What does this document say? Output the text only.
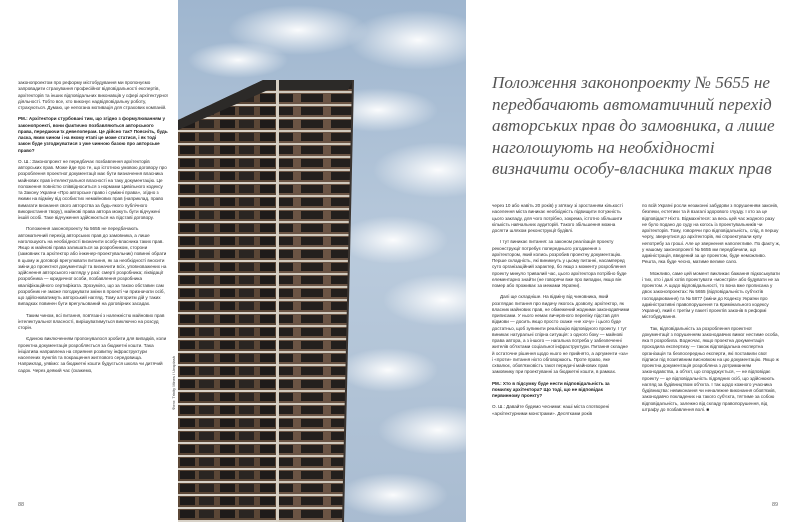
законопроектом про реформу містобудування ми пропонуємо запровадити страхування професійної відповідальності експертів, архітекторів та інших відповідальних виконавців у сфері архітектурної діяльності. Тобто все, хто виконує надвідповідальну роботу, страхуються. Думаю, це непогана мотивація для страхових компаній.

РМ.: Архітектори стурбовані тим, що згідно з формулюванням у законопроекті, вони фактично позбавляються авторського права, передаючи їх девелоперам. Це дійсно так? Поясніть, будь ласка, яким чином і на якому етапі це може статися, і як тоді закон буде узгоджуватися з уже чинною базою про авторське право?

О. Ш.: Законопроект не передбачає позбавлення архітекторів авторських прав. Може йде про те, що істотною умовою договору про розроблення проектної документації має бути визначення власника майнових прав інтелектуальної власності на таку документацію. Це положення повністю співвідноситься з нормами Цивільного кодексу та Закону України «Про авторське право і суміжні права», згідно з якими на відміну від особистих немайнових прав (наприклад, право вимагати визнання свого авторства за будь-якого публічного використання твору), майнові права автора можуть бути відчужені іншій особі. Таке відчуження здійснюється на підставі договору.

Положення законопроекту № 5655 не передбачають автоматичний перехід авторських прав до замовника, а лише наголошують на необхідності визначити особу-власника таких прав. Якщо ж майнові права залишаться за розробником, сторони (замовник та архітектор або інженер-проектувальник) повинні обрати в цьому ж договорі врегулювати питання, як за необхідності вносити зміни до проектної документації та визначити всіх, уповноважених на здійснення авторського нагляду у разі: смерті розробника; ліквідації розробника — юридичної особи, позбавлення розробника кваліфікаційного сертифіката. Зрозуміло, що за такою обставин сам розробник не зможе погоджувати зміни в проекті чи призначати осіб, що здійснюватимуть авторський нагляд. Тому алгоритм дій у таких випадках повинен бути врегульований на договірних засадах.

Таким чином, всі питання, пов'язані з належністю майнових прав інтелектуальної власності, вирішуватимуться виключно на розсуд сторін.

Єдиною виключенням пропонувалося зробити для випадків, коли проектна документація розробляється за бюджетні кошти. Така ініціатива направлена на сприяння розвитку інфраструктури населених пунктів та покращення житлового середовища. Наприклад, уявімо: за бюджетні кошти будується школа чи дитячий садок. Через деякий час (скажемо,

88
Фото: Trinity Mines / Unsplash
Положення законопроекту № 5655 не передбачають автоматичний перехід авторських прав до замовника, а лише наголошують на необхідності визначити особу-власника таких прав

через 10 або навіть 20 років) у зв'язку зі зростанням кількості населення міста виникає необхідність підвищити потужність цього закладу, для чого потрібно, зокрема, істотно збільшити кількість навчальних аудиторій. Такого збільшення можна досягти шляхом реконструкції будівлі.

І тут виникає питання: за законом реалізація проекту реконструкції потребує попереднього узгодження з архітектором, який колись розробив проектну документацію. Перше складність, які виникнуть у цьому питанні, насамперед суто організаційний характер, бо якщо з моменту розроблення проекту минуло тривалий час, цього архітектора потрібно буде елементарно знайти (не говорячи вже про випадки, якщо він помер або проживає за межами України).

Далі ще складніше. На відміну від чиновника, який розглядає питання про видачу якогось дозволу, архітектор, як власник майнових прав, не обмежений жодними законодавчими приписами. У нього немає вичерпного переліку підстав для відмови — досить якщо просто скаже «не хочу» і цього буде достатньо, щоб зупинити реалізацію відповідного проекту. І тут виникає натуральні спірна ситуація: з одного боку — майнові права автора, а з іншого — нагальна потреба у забезпеченні жителів об'єктами соціальної інфраструктури. Питання складне й остаточне рішення щодо нього не прийнято, а аргументи «за» і «проти» питання ніхто обговорюють. Проте право, яке схвалює, обов'язковість такої передачі майнових прав замовнику при проектуванні за бюджетні кошти, в рамках.

РМ.: Хто в підсумку буде нести відповідальність за помилку архітектора? Що тоді, що не відповідає первинному проекту?

О. Ш.: Давайте будемо чесними: наші міста спотворені «архітектурними монстрами». Десятками років

по всій Україні росли незаконні забудови з порушенням законів, безпеки, естетики та й взагалі здорового глузду. І хто за це відповідає? Ніхто. Відмахнітеся: за весь цей час жодного разу не було подано до суду на когось із проектувальників чи архітекторів. Тому, говорячи про відповідальність, слід, в першу чергу, звернутися до архітекторів, які спроектували купу непотребу за гроші. Але це звернення наполегливе. По факту ж, у нашому законопроекті № 5655 ми передбачили, що адміністрація, введений за це проектом, буде неможливо. Решта, яка буде чесно, матиме велике сало.

Можливо, саме цей момент викликає бажання підкоськувати і тих, хто і далі хотів проектувати «монстрів» або будувати не за проектом. А щодо відповідальності, то вона вже прописана у двох законопроектах: № 5655 (відповідальність суб'єктів господарювання) та № 5877 (зміни до Кодексу України про адміністративні правопорушення та Кримінального кодексу України), який є третім у пакеті проектів законів в реформі містобудування.

Так, відповідальність за розроблення проектної документації з порушенням законодавчих вимог нестиме особа, яка її розробила. Водночас, якщо проектна документація проходила експертизу — також відповідальна експертна організація та безпосередньо експерти, які поставили свої підписи під позитивним висновком на цю документацію. Якщо ж проектна документація розроблена з дотриманням законодавства, а об'єкт, що споруджується, — не відповідає проекту — це відповідальність підрядних осіб, що здійснюють нагляд за будівництвом об'єкта. І так щодо кожного учасника будівництва: невиконання чи неналежне виконання обов'язків, законодавчо покладених на такого суб'єкта, тягтиме за собою відповідальність, залежно від складу правопорушення, від штрафу до позбавлення волі. ■

89
